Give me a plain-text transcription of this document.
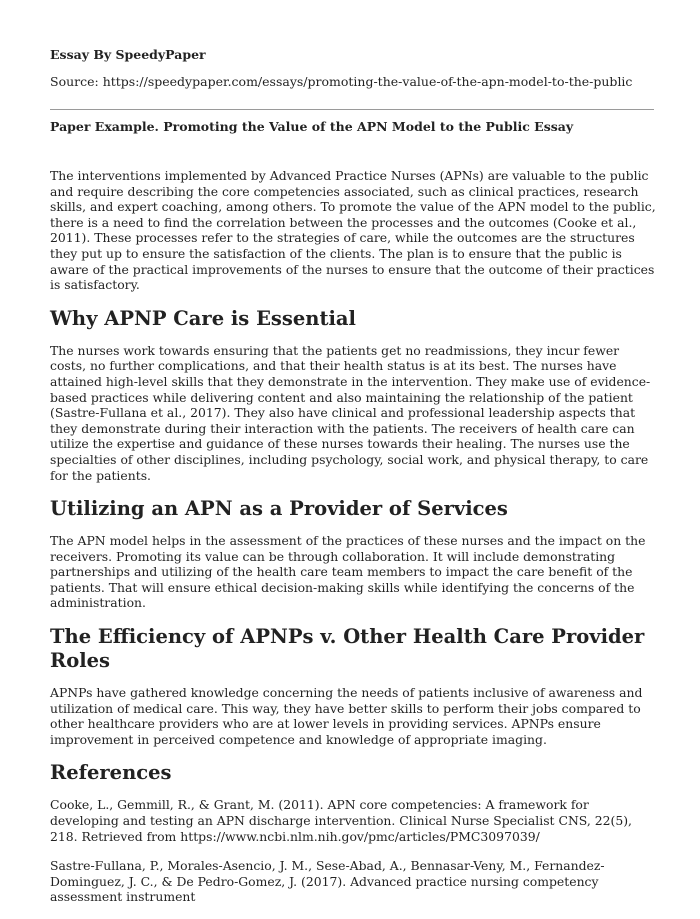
Essay By SpeedyPaper
Source: https://speedypaper.com/essays/promoting-the-value-of-the-apn-model-to-the-public
Paper Example. Promoting the Value of the APN Model to the Public Essay

The interventions implemented by Advanced Practice Nurses (APNs) are valuable to the public and require describing the core competencies associated, such as clinical practices, research skills, and expert coaching, among others. To promote the value of the APN model to the public, there is a need to find the correlation between the processes and the outcomes (Cooke et al., 2011). These processes refer to the strategies of care, while the outcomes are the structures they put up to ensure the satisfaction of the clients. The plan is to ensure that the public is aware of the practical improvements of the nurses to ensure that the outcome of their practices is satisfactory.

Why APNP Care is Essential

The nurses work towards ensuring that the patients get no readmissions, they incur fewer costs, no further complications, and that their health status is at its best. The nurses have attained high-level skills that they demonstrate in the intervention. They make use of evidence-based practices while delivering content and also maintaining the relationship of the patient (Sastre-Fullana et al., 2017). They also have clinical and professional leadership aspects that they demonstrate during their interaction with the patients. The receivers of health care can utilize the expertise and guidance of these nurses towards their healing. The nurses use the specialties of other disciplines, including psychology, social work, and physical therapy, to care for the patients.

Utilizing an APN as a Provider of Services

The APN model helps in the assessment of the practices of these nurses and the impact on the receivers. Promoting its value can be through collaboration. It will include demonstrating partnerships and utilizing of the health care team members to impact the care benefit of the patients. That will ensure ethical decision-making skills while identifying the concerns of the administration.

The Efficiency of APNPs v. Other Health Care Provider Roles

APNPs have gathered knowledge concerning the needs of patients inclusive of awareness and utilization of medical care. This way, they have better skills to perform their jobs compared to other healthcare providers who are at lower levels in providing services. APNPs ensure improvement in perceived competence and knowledge of appropriate imaging.

References

Cooke, L., Gemmill, R., & Grant, M. (2011). APN core competencies: A framework for developing and testing an APN discharge intervention. Clinical Nurse Specialist CNS, 22(5), 218. Retrieved from https://www.ncbi.nlm.nih.gov/pmc/articles/PMC3097039/

Sastre-Fullana, P., Morales-Asencio, J. M., Sese-Abad, A., Bennasar-Veny, M., Fernandez-Dominguez, J. C., & De Pedro-Gomez, J. (2017). Advanced practice nursing competency assessment instrument
